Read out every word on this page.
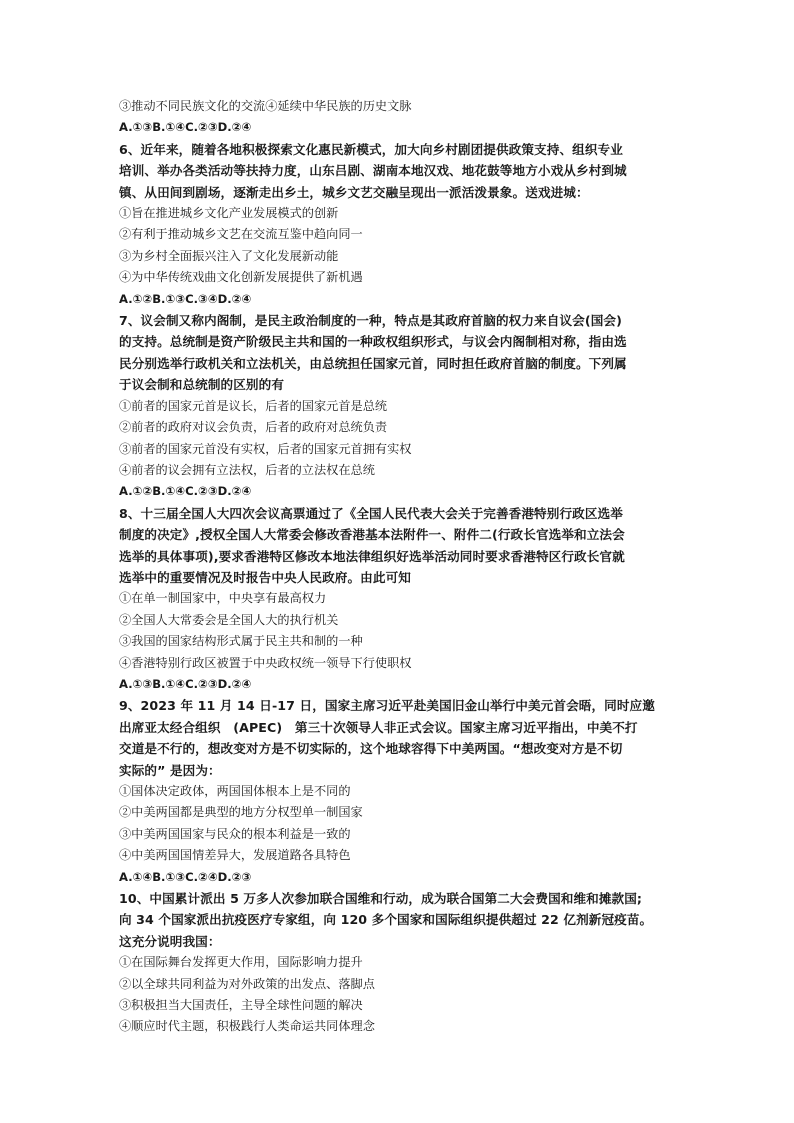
③推动不同民族文化的交流④延续中华民族的历史文脉
A.①③B.①④C.②③D.②④
6、近年来，随着各地积极探索文化惠民新模式，加大向乡村剧团提供政策支持、组织专业
培训、举办各类活动等扶持力度，山东吕剧、湖南本地汉戏、地花鼓等地方小戏从乡村到城
镇、从田间到剧场，逐渐走出乡土，城乡文艺交融呈现出一派活泼景象。送戏进城：
①旨在推进城乡文化产业发展模式的创新
②有利于推动城乡文艺在交流互鉴中趋向同一
③为乡村全面振兴注入了文化发展新动能
④为中华传统戏曲文化创新发展提供了新机遇
A.①②B.①③C.③④D.②④
7、议会制又称内阁制，是民主政治制度的一种，特点是其政府首脑的权力来自议会(国会)
的支持。总统制是资产阶级民主共和国的一种政权组织形式，与议会内阁制相对称，指由选
民分别选举行政机关和立法机关，由总统担任国家元首，同时担任政府首脑的制度。下列属
于议会制和总统制的区别的有
①前者的国家元首是议长，后者的国家元首是总统
②前者的政府对议会负责，后者的政府对总统负责
③前者的国家元首没有实权，后者的国家元首拥有实权
④前者的议会拥有立法权，后者的立法权在总统
A.①②B.①④C.②③D.②④
8、十三届全国人大四次会议高票通过了《全国人民代表大会关于完善香港特别行政区选举
制度的决定》,授权全国人大常委会修改香港基本法附件一、附件二(行政长官选举和立法会
选举的具体事项),要求香港特区修改本地法律组织好选举活动同时要求香港特区行政长官就
选举中的重要情况及时报告中央人民政府。由此可知
①在单一制国家中，中央享有最高权力
②全国人大常委会是全国人大的执行机关
③我国的国家结构形式属于民主共和制的一种
④香港特别行政区被置于中央政权统一领导下行使职权
A.①③B.①④C.②③D.②④
9、2023 年 11 月 14 日-17 日，国家主席习近平赴美国旧金山举行中美元首会晤，同时应邀
出席亚太经合组织　(APEC)　第三十次领导人非正式会议。国家主席习近平指出，中美不打
交道是不行的，想改变对方是不切实际的，这个地球容得下中美两国。“想改变对方是不切
实际的” 是因为：
①国体决定政体，两国国体根本上是不同的
②中美两国都是典型的地方分权型单一制国家
③中美两国国家与民众的根本利益是一致的
④中美两国国情差异大，发展道路各具特色
A.①④B.①③C.②④D.②③
10、中国累计派出 5 万多人次参加联合国维和行动，成为联合国第二大会费国和维和摊款国;
向 34 个国家派出抗疫医疗专家组，向 120 多个国家和国际组织提供超过 22 亿剂新冠疫苗。
这充分说明我国：
①在国际舞台发挥更大作用，国际影响力提升
②以全球共同利益为对外政策的出发点、落脚点
③积极担当大国责任，主导全球性问题的解决
④顺应时代主题，积极践行人类命运共同体理念
